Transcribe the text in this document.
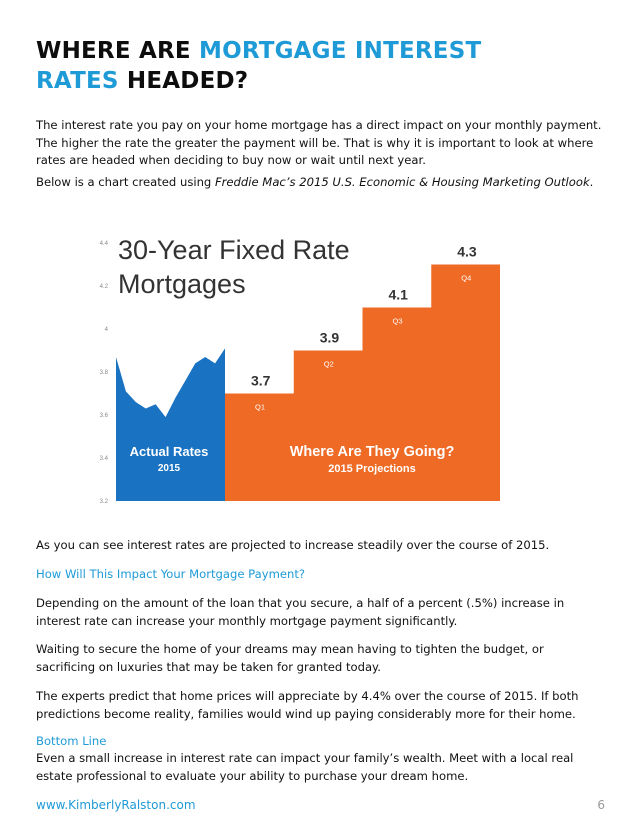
WHERE ARE MORTGAGE INTEREST
RATES HEADED?
The interest rate you pay on your home mortgage has a direct impact on your monthly payment. The higher the rate the greater the payment will be. That is why it is important to look at where rates are headed when deciding to buy now or wait until next year.
Below is a chart created using Freddie Mac’s 2015 U.S. Economic & Housing Marketing Outlook.
4.4
4.2
4
3.8
3.6
3.4
3.2
3.7
Q1
3.9
Q2
4.1
Q3
4.3
Q4
30-Year Fixed Rate
Mortgages
Actual Rates
2015
Where Are They Going?
2015 Projections
As you can see interest rates are projected to increase steadily over the course of 2015.
How Will This Impact Your Mortgage Payment?
Depending on the amount of the loan that you secure, a half of a percent (.5%) increase in interest rate can increase your monthly mortgage payment significantly.
Waiting to secure the home of your dreams may mean having to tighten the budget, or sacrificing on luxuries that may be taken for granted today.
The experts predict that home prices will appreciate by 4.4% over the course of 2015. If both predictions become reality, families would wind up paying considerably more for their home.
Bottom Line
Even a small increase in interest rate can impact your family’s wealth. Meet with a local real estate professional to evaluate your ability to purchase your dream home.
www.KimberlyRalston.com	6
